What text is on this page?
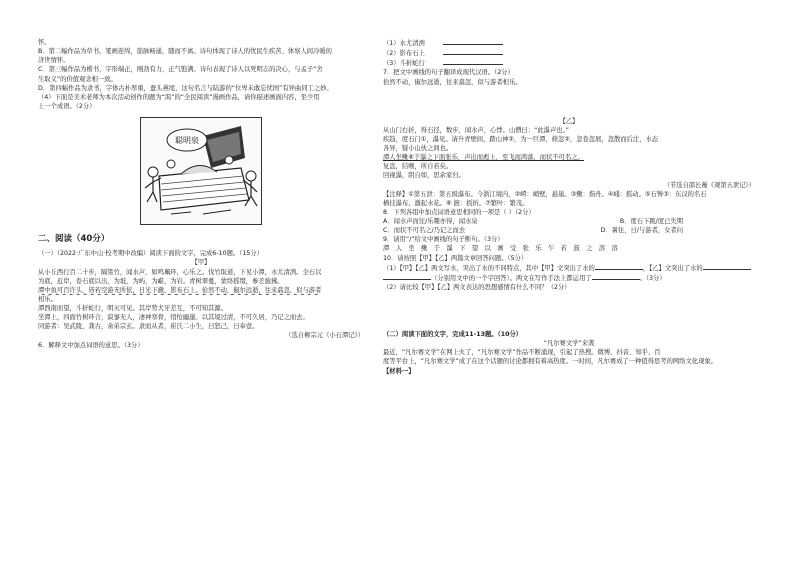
怀。

B．第二幅作品为草书，笔画连绵，筋脉畅通，随而不离。诗句体现了诗人的忧民生疾苦、体察人间冷暖的

济世情怀。

C．第三幅作品为楷书，字形端正，刚劲有力，正气饱满。诗句表现了诗人以死明志的决心，与孟子“舍

生取义”的价值观念相一致。

D．第四幅作品为隶书，字体古朴厚重，蚕头燕尾，这句名言与陆游的“位卑未敢忘忧国”有异曲同工之妙。

（4）下面是美术老师为本次活动创作的题为“渴”的“全民阅读”漫画作品，请你描述画面内容，至少用

上一个成语。（2分）

聪明泉
二、阅读（40分）

（一）（2022·广东中山·校考期中改编）阅读下面的文字，完成6-10题。（15分）

【甲】

从小丘西行百二十步，隔篁竹，闻水声，如鸣珮环，心乐之。伐竹取道，下见小潭，水尤清洌。全石以

为底，近岸，卷石底以出，为坻，为屿，为嵁，为岩。青树翠蔓，蒙络摇缀，参差披拂。

潭中鱼可百许头，皆若空游无所依，日光下澈，影布石上。佁然不动，俶尔远逝，往来翕忽，似与游者

相乐。

潭西南而望，斗折蛇行，明灭可见。其岸势犬牙差互，不可知其源。

坐潭上，四面竹树环合，寂寥无人，凄神寒骨，悄怆幽邃。以其境过清，不可久居，乃记之而去。

同游者：吴武陵，龚古，余弟宗玄。隶而从者，崔氏二小生，曰恕己，曰奉壹。

（选自柳宗元《小石潭记》）

6．解释文中加点词语的意思。（3分）

（1）水尤清洌

（2）影布石上

（3）斗折蛇行

7．把文中画线的句子翻译成现代汉语。（2分）

佁然不动，俶尔远逝，往来翕忽，似与游者相乐。

【乙】

从山门右折，得石径，数步，闻水声，心悸。山僧曰：“此瀑声也。”

疾趋，度石门①，瀑见。请升青壁间，踏山神②，为一巨潭，倏忽②，忽卷忽展，忽散而后注，水态

各异，疑小山伙之间也。

潭人坐鳅⑥于瀑之下面张乐，声出而彪上，至飞而鸿落，而状不可名之。

复盘，结喉，所自若矣。

回视瀑，阴自如，思余家归。

（节选自邵长蘅《观第五泄记》）

【注释】①第五泄：第五级瀑布。今浙江境内，②崿：峭壁，悬崖。③鳅：指舟。④㟞：摇动。⑤石镈③：东汉的名石

横挂瀑布，激起水花。⑥ 摭：扳折。⑦繁叶：繁茂。

8．下列各组中加点词语意思相同的一项是（ ）（2分）

A．闻水声而往/乐趣亦得，闻水泉	B．度石下跳/度已失期
C．而状不可名之/乃记之而去	D．暑往，日/与游者，女者问

9．请用“/”给文中画线的句子断句。（3分）

潭人坐鳅于瀑下望以画受张乐乍若鼓之溶溶

10．请按照【甲】【乙】两篇文章回答问题。（5分）

（1）【甲】【乙】两文写水，突出了水的不同特点，其中【甲】文突出了水的	，【乙】文突出了水的

（分别用文中的一个字回答）。两文在写作手法上都运用了	。（3分）

（2）请比较【甲】【乙】两文表达的思想感情有什么不同？（2分）

（二）阅读下面的文字，完成11-13题。（10分）

“凡尔赛文学”来袭

最近，“凡尔赛文学”在网上火了，“凡尔赛文学”作品不断涌现，引起了热搜。微博、抖音、知乎、百

度等平台上，“凡尔赛文学”成了在这个话题的讨论都拥有着高热度。一时间，凡尔赛成了一种值得思考的网络文化现象。

【材料一】
